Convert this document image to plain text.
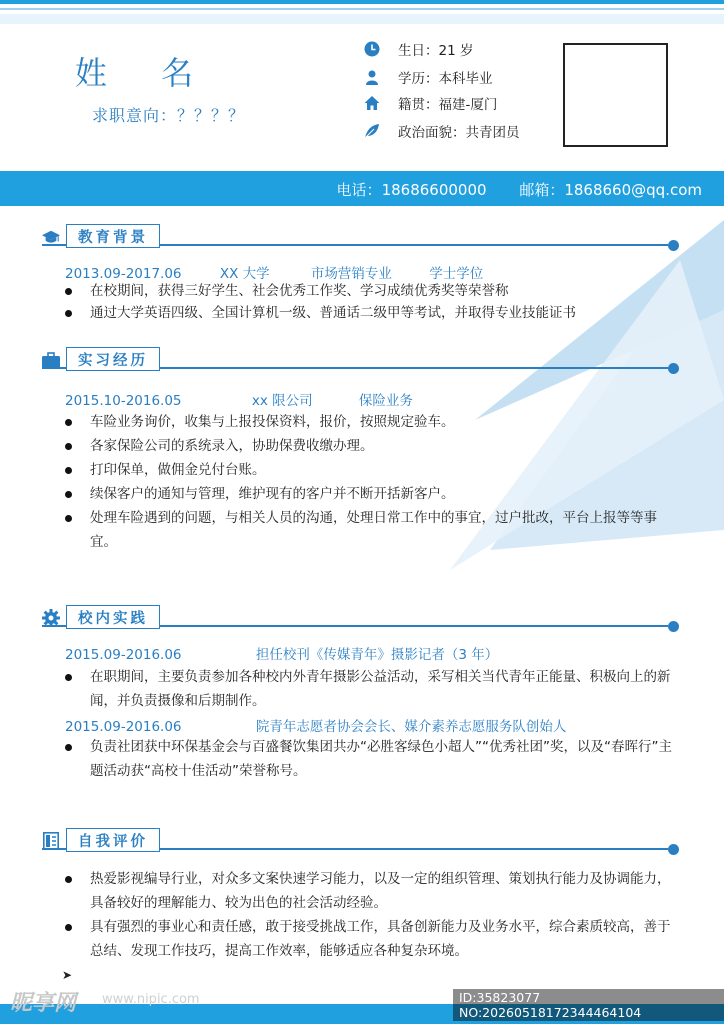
姓 名
求职意向：？？？？
生日：21 岁
学历：本科毕业
籍贯：福建-厦门
政治面貌：共青团员
电话：18686600000 邮箱：1868660@qq.com
教育背景
2013.09-2017.06	XX 大学	市场营销专业	学士学位
在校期间，获得三好学生、社会优秀工作奖、学习成绩优秀奖等荣誉称
通过大学英语四级、全国计算机一级、普通话二级甲等考试，并取得专业技能证书
实习经历
2015.10-2016.05	xx 限公司	保险业务
车险业务询价，收集与上报投保资料，报价，按照规定验车。
各家保险公司的系统录入，协助保费收缴办理。
打印保单，做佣金兑付台账。
续保客户的通知与管理，维护现有的客户并不断开括新客户。
处理车险遇到的问题，与相关人员的沟通，处理日常工作中的事宜，过户批改，平台上报等等事宜。
校内实践
2015.09-2016.06	担任校刊《传媒青年》摄影记者（3 年）
在职期间，主要负责参加各种校内外青年摄影公益活动，采写相关当代青年正能量、积极向上的新闻，并负责摄像和后期制作。
2015.09-2016.06	院青年志愿者协会会长、媒介素养志愿服务队创始人
负责社团获中环保基金会与百盛餐饮集团共办“必胜客绿色小超人”“优秀社团”奖，以及“春晖行”主题活动获“高校十佳活动”荣誉称号。
自我评价
热爱影视编导行业，对众多文案快速学习能力，以及一定的组织管理、策划执行能力及协调能力，具备较好的理解能力、较为出色的社会活动经验。
具有强烈的事业心和责任感，敢于接受挑战工作，具备创新能力及业务水平，综合素质较高，善于总结、发现工作技巧，提高工作效率，能够适应各种复杂环境。
➤
昵享网 www.nipic.com	ID:35823077 NO:20260518172344464104
